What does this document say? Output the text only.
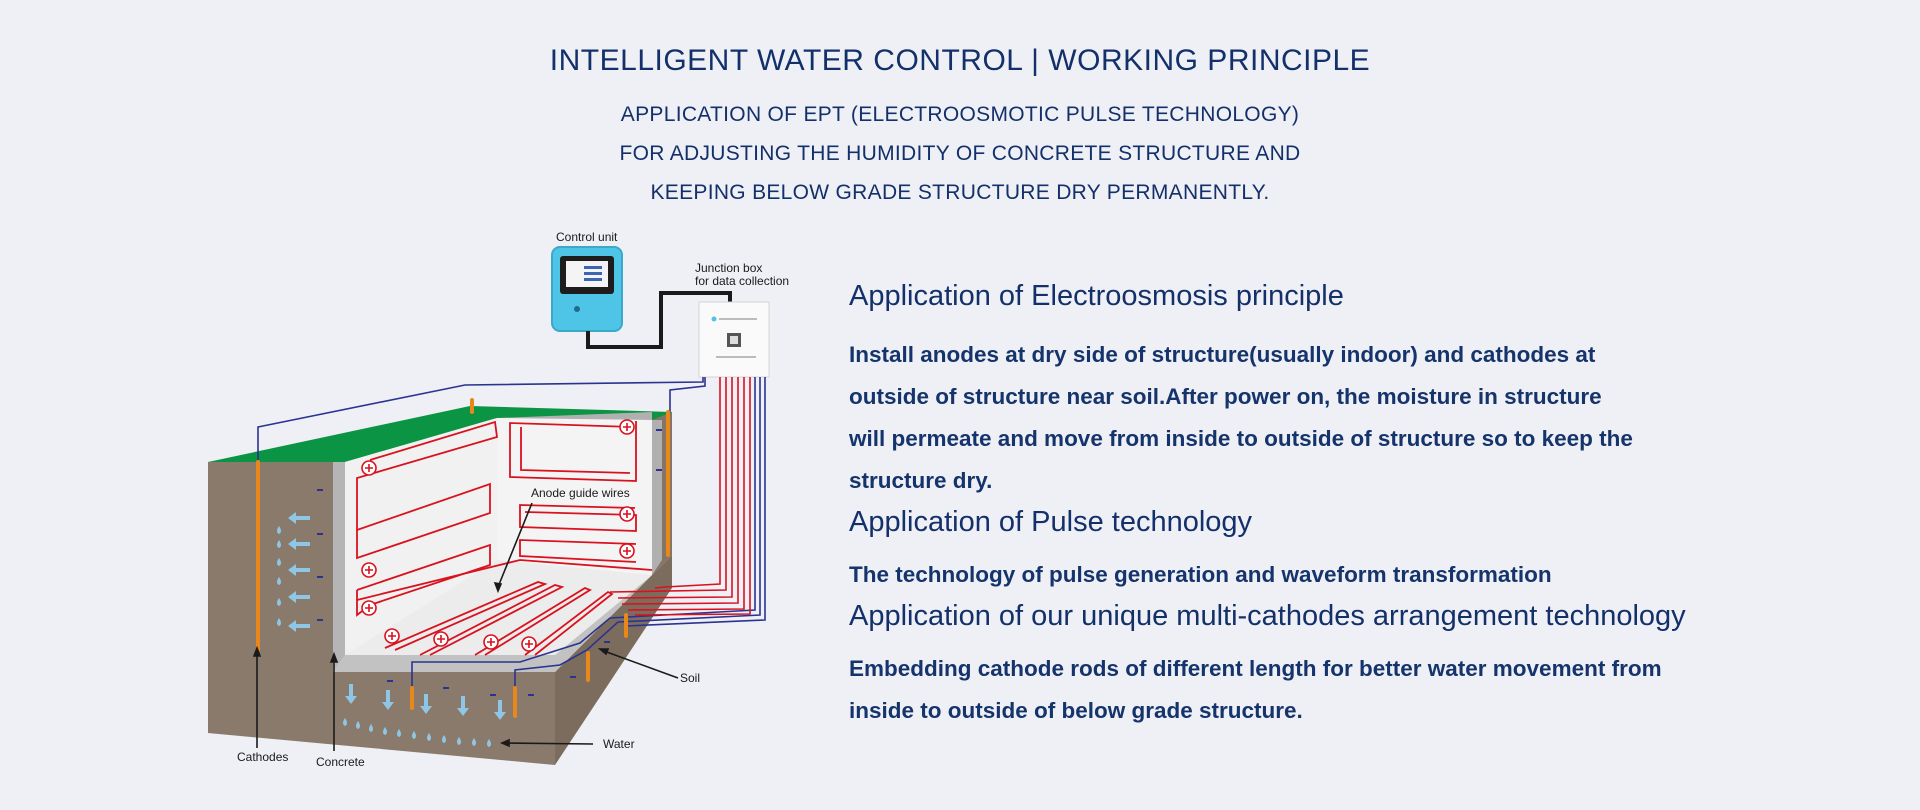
INTELLIGENT WATER CONTROL | WORKING PRINCIPLE
APPLICATION OF EPT (ELECTROOSMOTIC PULSE TECHNOLOGY)
FOR ADJUSTING THE HUMIDITY OF CONCRETE STRUCTURE AND
KEEPING BELOW GRADE STRUCTURE DRY PERMANENTLY.
Control unit
Junction box
for data collection
Anode guide wires
Soil
Water
Cathodes Concrete

Application of Electroosmosis principle

Install anodes at dry side of structure(usually indoor) and cathodes at

outside of structure near soil.After power on, the moisture in structure

will permeate and move from inside to outside of structure so to keep the

structure dry.

Application of Pulse technology

The technology of pulse generation and waveform transformation

Application of our unique multi-cathodes arrangement technology

Embedding cathode rods of different length for better water movement from

inside to outside of below grade structure.
